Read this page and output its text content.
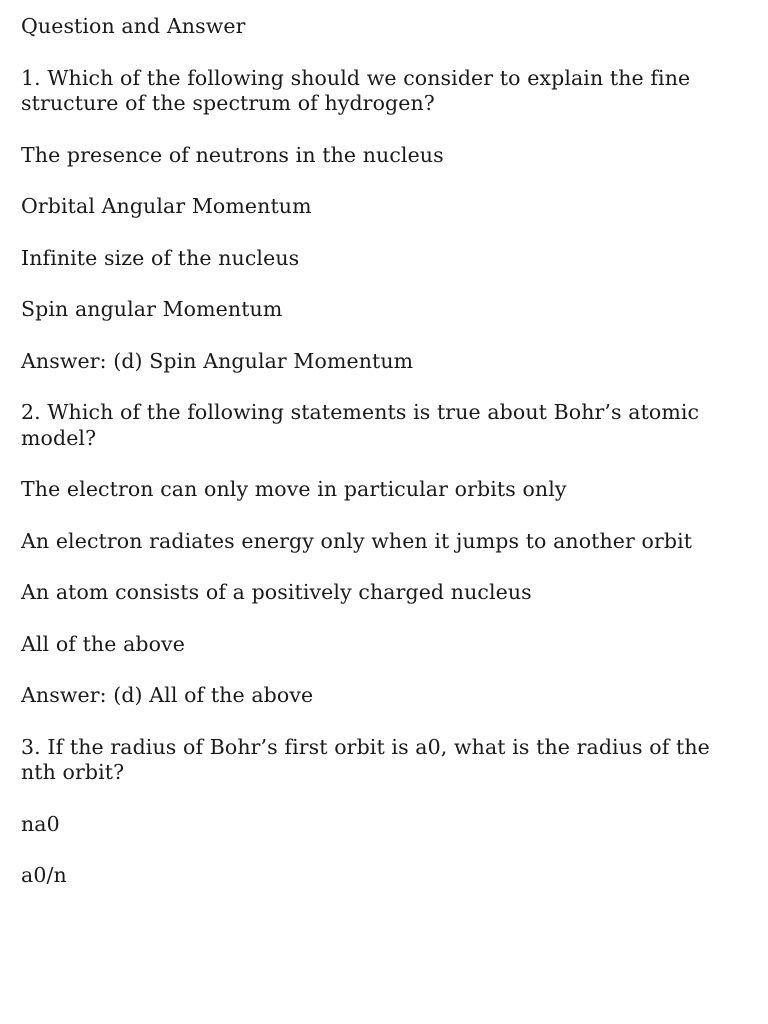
Question and Answer

1. Which of the following should we consider to explain the fine structure of the spectrum of hydrogen?

The presence of neutrons in the nucleus

Orbital Angular Momentum

Infinite size of the nucleus

Spin angular Momentum

Answer: (d) Spin Angular Momentum

2. Which of the following statements is true about Bohr’s atomic model?

The electron can only move in particular orbits only

An electron radiates energy only when it jumps to another orbit

An atom consists of a positively charged nucleus

All of the above

Answer: (d) All of the above

3. If the radius of Bohr’s first orbit is a0, what is the radius of the nth orbit?

na0

a0/n
